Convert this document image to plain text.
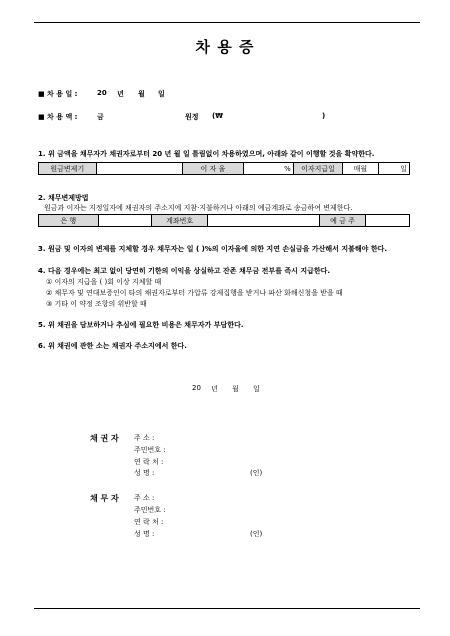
차 용 증
■ 차 용 일 :	20 년 월 일
■ 차 용 액 :	금	원정 (₩	)
1. 위 금액을 채무자가 채권자로부터 20 년 월 일 틀림없이 차용하였으며, 아래와 같이 이행할 것을 확약한다.
원금변제기		이 자 율	%	이자지급일	매월	일
2. 채무변제방법
원금과 이자는 지정일자에 채권자의 주소지에 지참·지불하거나 아래의 예금계좌로 송금하여 변제한다.
은 행		계좌번호		예 금 주	
3. 원금 및 이자의 변제를 지체할 경우 채무자는 일 ( )%의 이자율에 의한 지연 손실금을 가산해서 지불해야 한다.
4. 다음 경우에는 최고 없이 당연히 기한의 이익을 상실하고 잔존 채무금 전부를 즉시 지급한다.
① 이자의 지급을 ( )회 이상 지체할 때
② 채무자 및 연대보증인이 타의 채권자로부터 가압류 강제집행을 받거나 파산 화해신청을 받을 때
③ 기타 이 약정 조항의 위반할 때
5. 위 채권을 담보하거나 추심에 필요한 비용은 채무자가 부담한다.
6. 위 채권에 관한 소는 채권자 주소지에서 한다.
20 년 월 일
채 권 자 주 소 :
주민번호 :
연 락 처 :
성 명 :	(인)
채 무 자 주 소 :
주민번호 :
연 락 처 :
성 명 :	(인)
